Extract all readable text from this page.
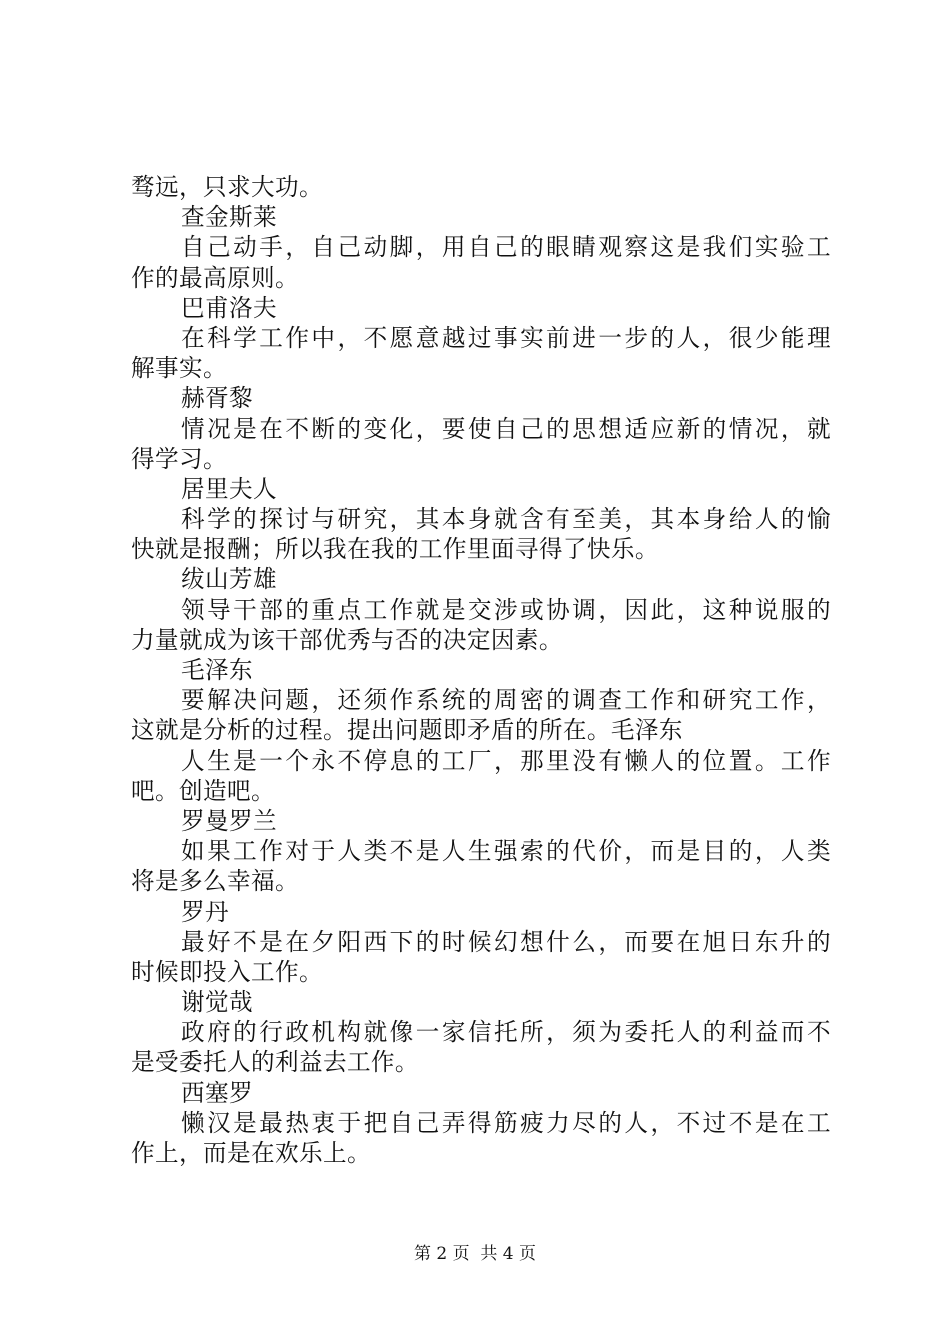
骛远，只求大功。
查金斯莱
自己动手，自己动脚，用自己的眼睛观察这是我们实验工
作的最高原则。
巴甫洛夫
在科学工作中，不愿意越过事实前进一步的人，很少能理
解事实。
赫胥黎
情况是在不断的变化，要使自己的思想适应新的情况，就
得学习。
居里夫人
科学的探讨与研究，其本身就含有至美，其本身给人的愉
快就是报酬；所以我在我的工作里面寻得了快乐。
绂山芳雄
领导干部的重点工作就是交涉或协调，因此，这种说服的
力量就成为该干部优秀与否的决定因素。
毛泽东
要解决问题，还须作系统的周密的调查工作和研究工作，
这就是分析的过程。提出问题即矛盾的所在。毛泽东
人生是一个永不停息的工厂，那里没有懒人的位置。工作
吧。创造吧。
罗曼罗兰
如果工作对于人类不是人生强索的代价，而是目的，人类
将是多么幸福。
罗丹
最好不是在夕阳西下的时候幻想什么，而要在旭日东升的
时候即投入工作。
谢觉哉
政府的行政机构就像一家信托所，须为委托人的利益而不
是受委托人的利益去工作。
西塞罗
懒汉是最热衷于把自己弄得筋疲力尽的人，不过不是在工
作上，而是在欢乐上。
第 2 页 共 4 页
